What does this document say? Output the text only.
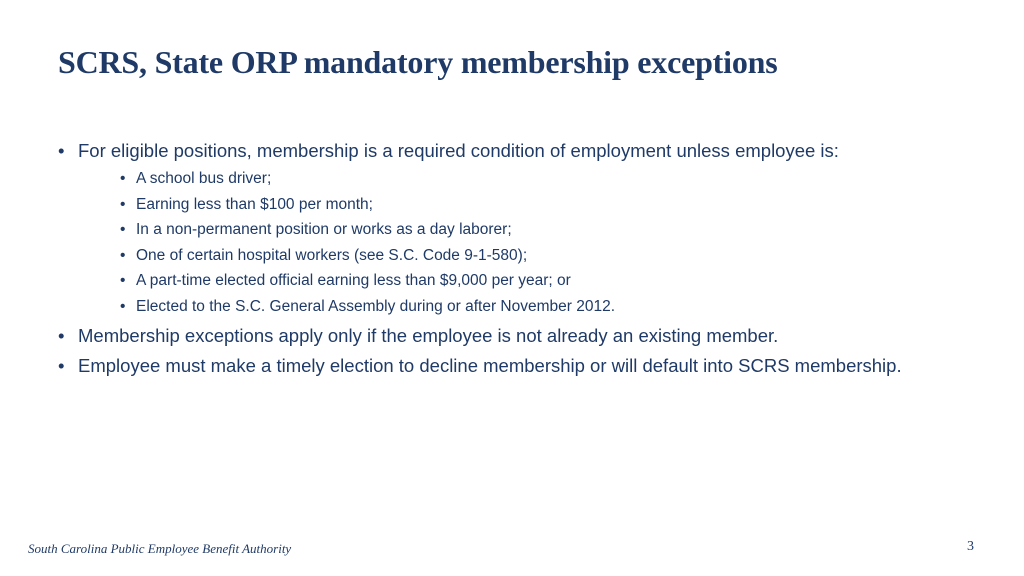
SCRS, State ORP mandatory membership exceptions
• For eligible positions, membership is a required condition of employment unless employee is:
• A school bus driver;
• Earning less than $100 per month;
• In a non-permanent position or works as a day laborer;
• One of certain hospital workers (see S.C. Code 9-1-580);
• A part-time elected official earning less than $9,000 per year; or
• Elected to the S.C. General Assembly during or after November 2012.
• Membership exceptions apply only if the employee is not already an existing member.
• Employee must make a timely election to decline membership or will default into SCRS membership.
South Carolina Public Employee Benefit Authority	3
